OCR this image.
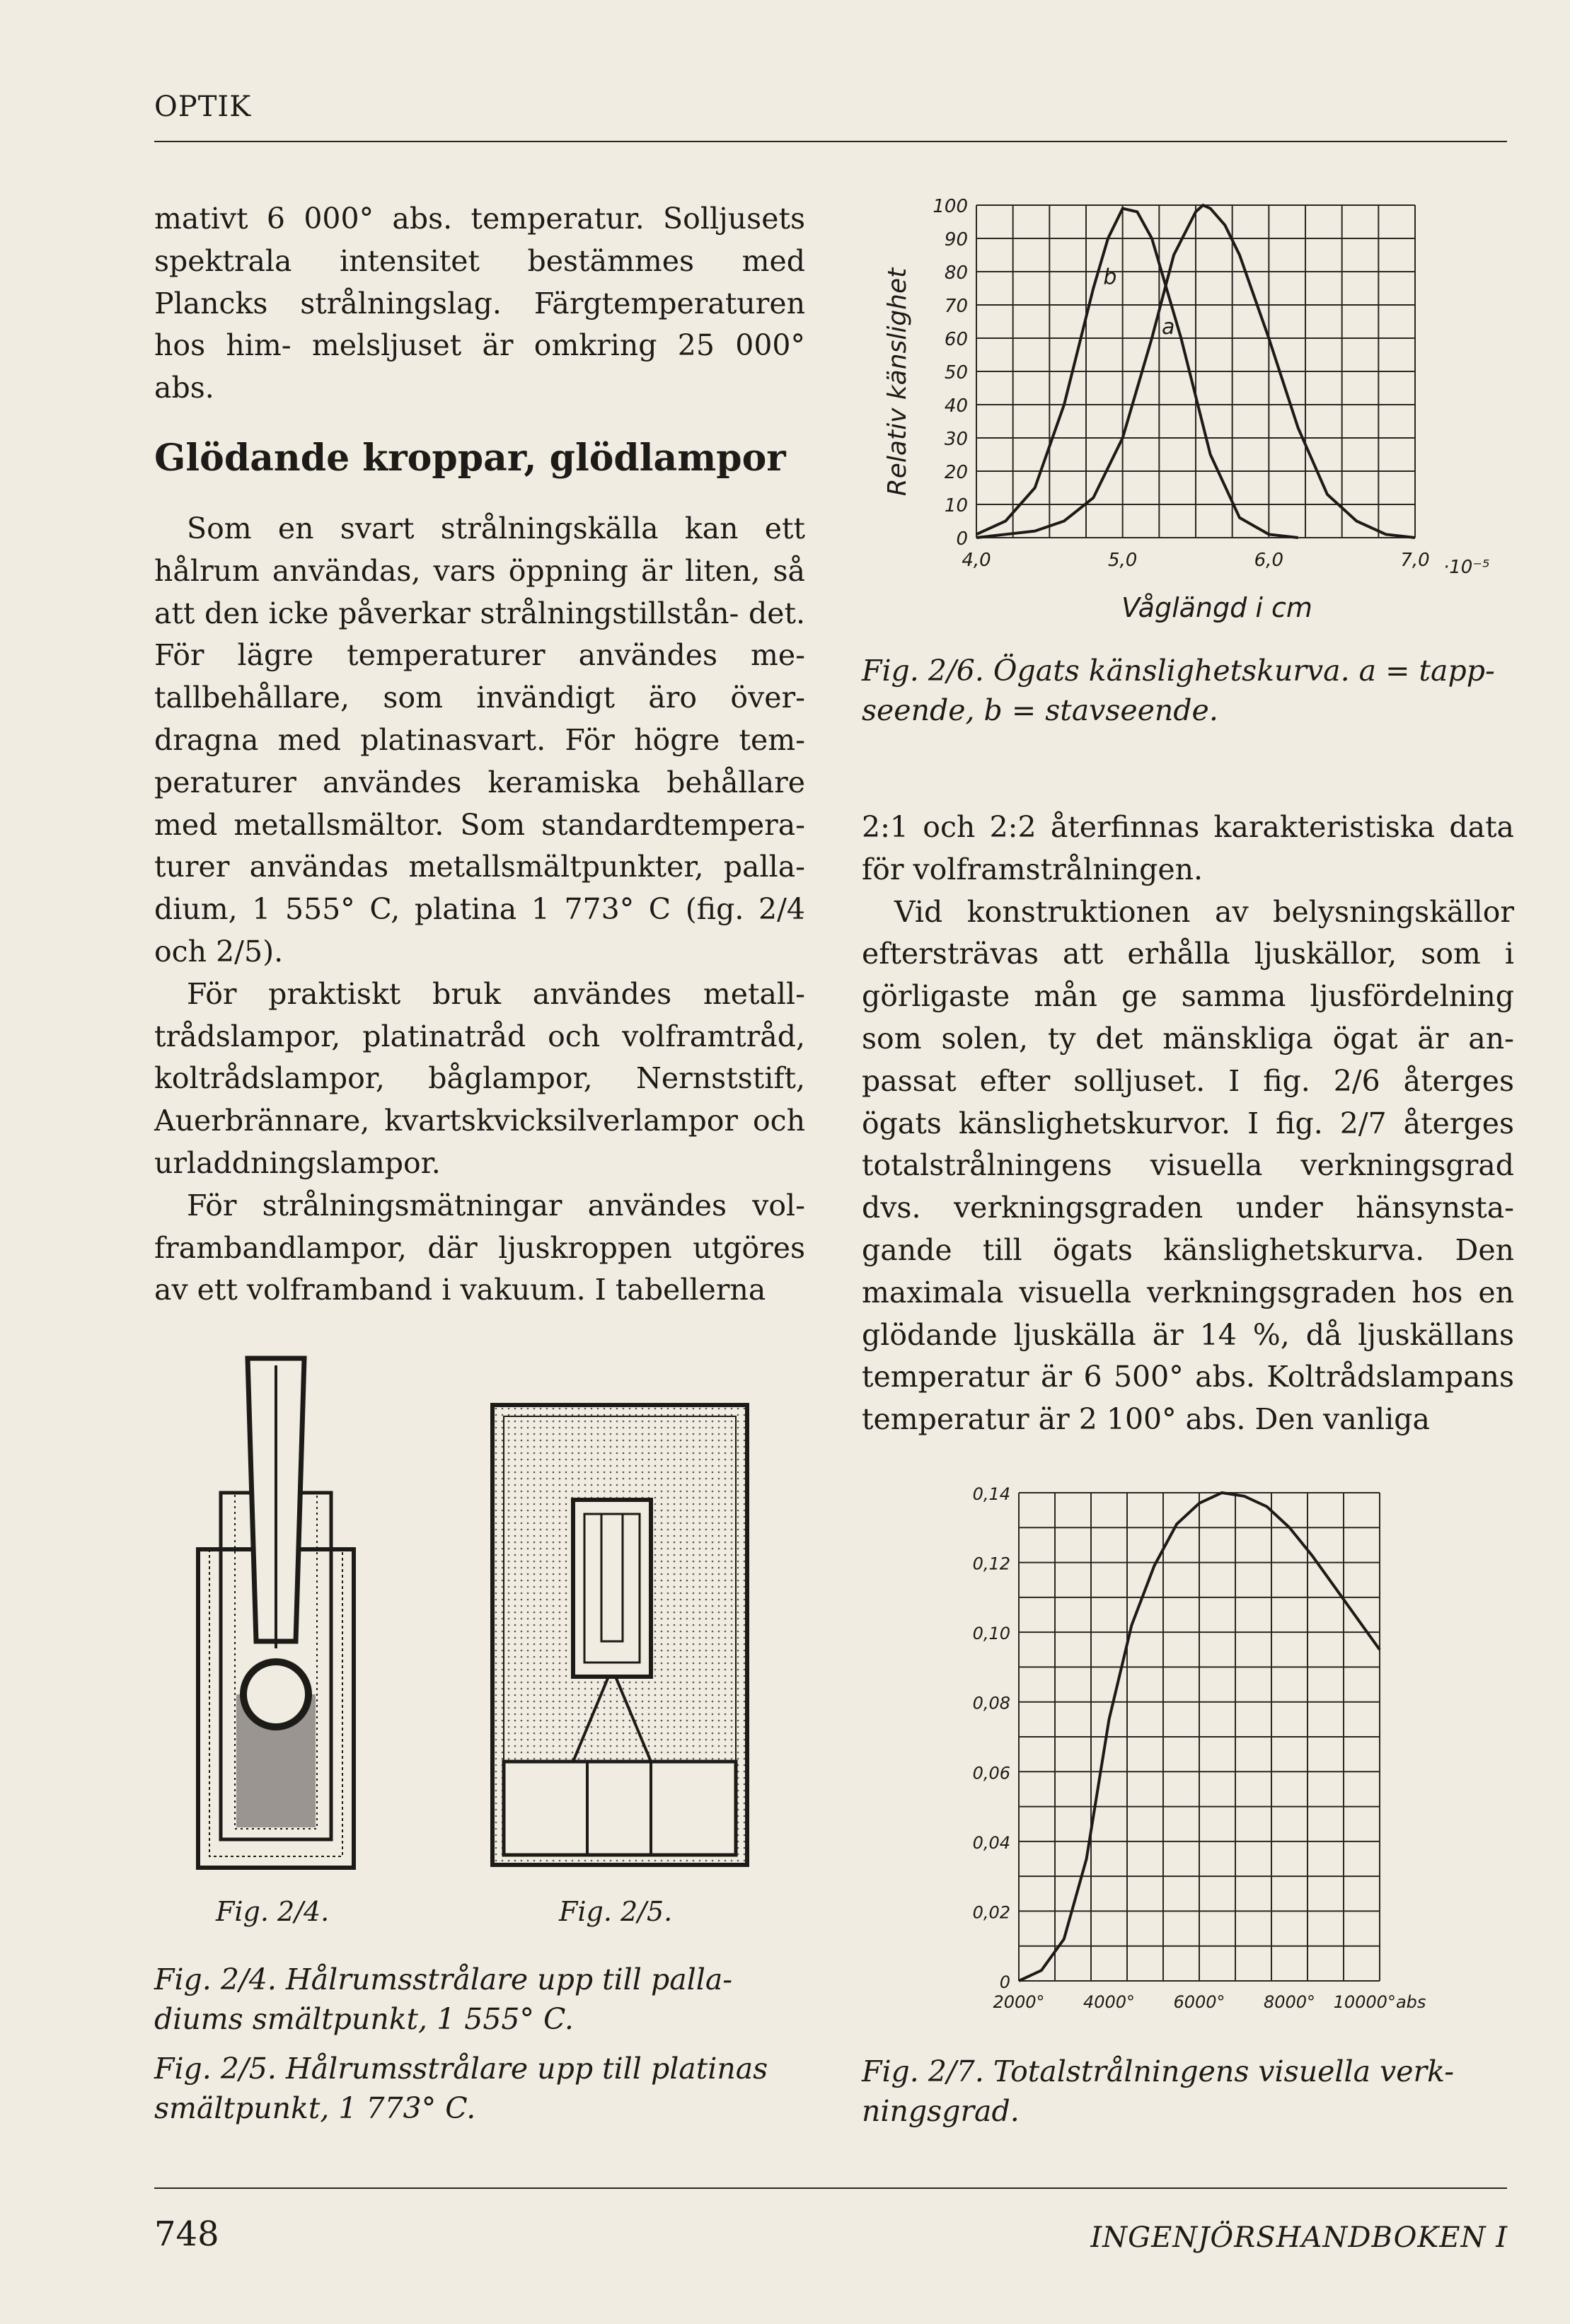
OPTIK

mativt 6 000° abs. temperatur. Solljusets spektrala intensitet bestämmes med Plancks strålningslag. Färgtemperaturen hos him- melsljuset är omkring 25 000° abs.

Glödande kroppar, glödlampor

Som en svart strålningskälla kan ett hålrum användas, vars öppning är liten, så att den icke påverkar strålningstillstån- det. För lägre temperaturer användes me- tallbehållare, som invändigt äro över- dragna med platinasvart. För högre tem- peraturer användes keramiska behållare med metallsmältor. Som standardtempera- turer användas metallsmältpunkter, palla- dium, 1 555° C, platina 1 773° C (fig. 2/4 och 2/5).

För praktiskt bruk användes metall- trådslampor, platinatråd och volframtråd, koltrådslampor, båglampor, Nernststift, Auerbrännare, kvartskvicksilverlampor och urladdningslampor.

För strålningsmätningar användes vol- frambandlampor, där ljuskroppen utgöres av ett volframband i vakuum. I tabellerna

Fig. 2/4.	Fig. 2/5.
Fig. 2/4. Hålrumsstrålare upp till palla- diums smältpunkt, 1 555° C.
Fig. 2/5. Hålrumsstrålare upp till platinas smältpunkt, 1 773° C.
0
10
20
30
40
50
60
70
80
90
100
4,0	5,0	6,0	7,0
a
b
·10⁻⁵
Våglängd i cm
Relativ känslighet
Fig. 2/6. Ögats känslighetskurva. a = tapp- seende, b = stavseende.

2:1 och 2:2 återfinnas karakteristiska data för volframstrålningen.

Vid konstruktionen av belysningskällor eftersträvas att erhålla ljuskällor, som i görligaste mån ge samma ljusfördelning som solen, ty det mänskliga ögat är an- passat efter solljuset. I fig. 2/6 återges ögats känslighetskurvor. I fig. 2/7 återges totalstrålningens visuella verkningsgrad dvs. verkningsgraden under hänsynsta- gande till ögats känslighetskurva. Den maximala visuella verkningsgraden hos en glödande ljuskälla är 14 %, då ljuskällans temperatur är 6 500° abs. Koltrådslampans temperatur är 2 100° abs. Den vanliga

0
0,02
0,04
0,06
0,08
0,10
0,12
0,14
2000° 4000° 6000° 8000° 10000°abs
Fig. 2/7. Totalstrålningens visuella verk- ningsgrad.
748	INGENJÖRSHANDBOKEN I
